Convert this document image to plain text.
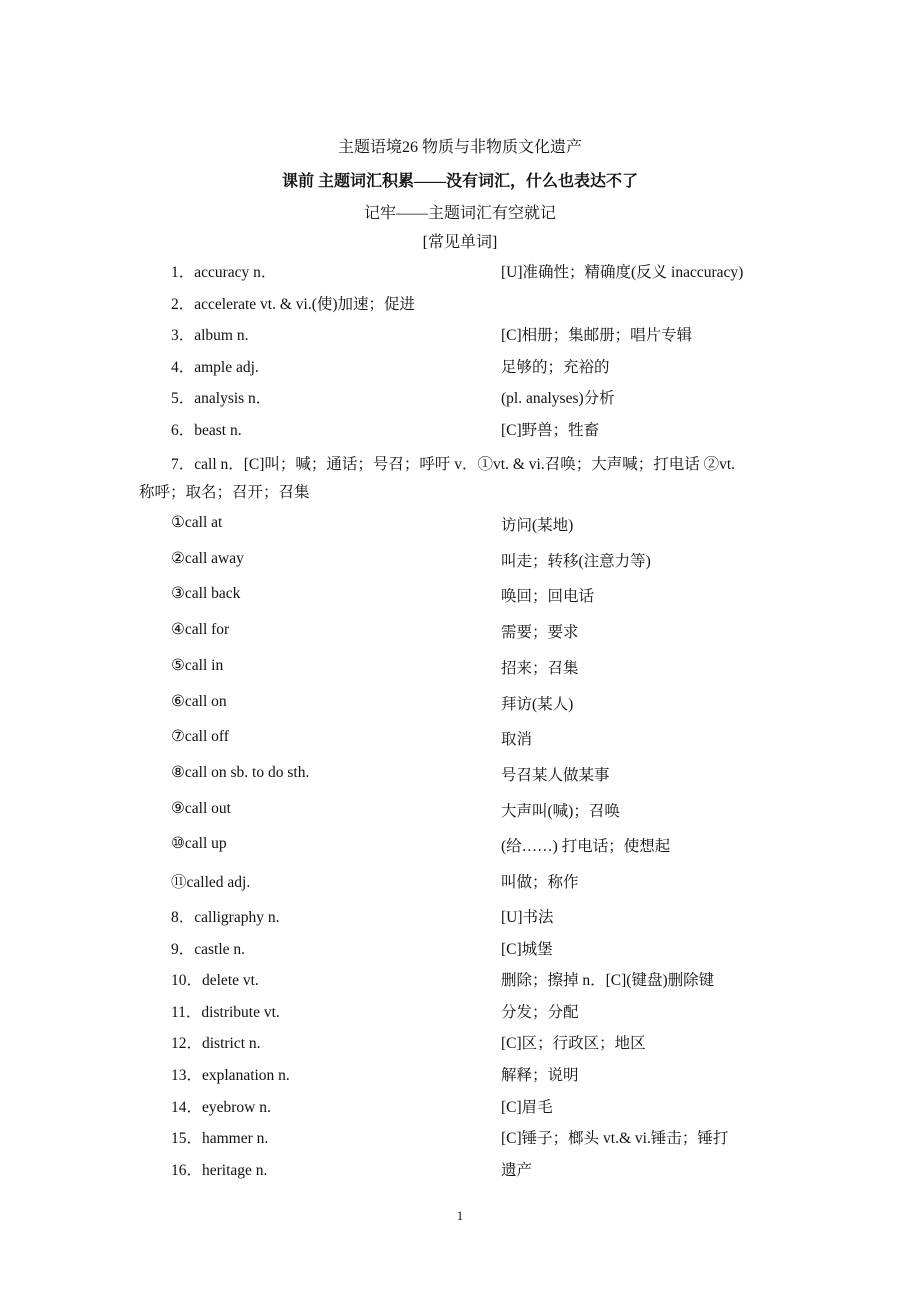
主题语境26 物质与非物质文化遗产
课前 主题词汇积累——没有词汇，什么也表达不了
记牢——主题词汇有空就记
[常见单词]
1．accuracy n．	[U]准确性；精确度(反义 inaccuracy)
2．accelerate vt. & vi.(使)加速；促进
3．album n.	[C]相册；集邮册；唱片专辑
4．ample adj.	足够的；充裕的
5．analysis n．	(pl. analyses)分析
6．beast n.	[C]野兽；牲畜
7．call n．[C]叫；喊；通话；号召；呼吁 v．①vt. & vi.召唤；大声喊；打电话 ②vt.
称呼；取名；召开；召集
①call at	访问(某地)
②call away	叫走；转移(注意力等)
③call back	唤回；回电话
④call for	需要；要求
⑤call in	招来；召集
⑥call on	拜访(某人)
⑦call off	取消
⑧call on sb. to do sth.	号召某人做某事
⑨call out	大声叫(喊)；召唤
⑩call up	(给……) 打电话；使想起
⑪called adj.	叫做；称作
8．calligraphy n.	[U]书法
9．castle n.	[C]城堡
10．delete vt.	删除；擦掉 n．[C](键盘)删除键
11．distribute vt.	分发；分配
12．district n.	[C]区；行政区；地区
13．explanation n.	解释；说明
14．eyebrow n.	[C]眉毛
15．hammer n.	[C]锤子；榔头 vt.& vi.锤击；锤打
16．heritage n.	遗产
1
